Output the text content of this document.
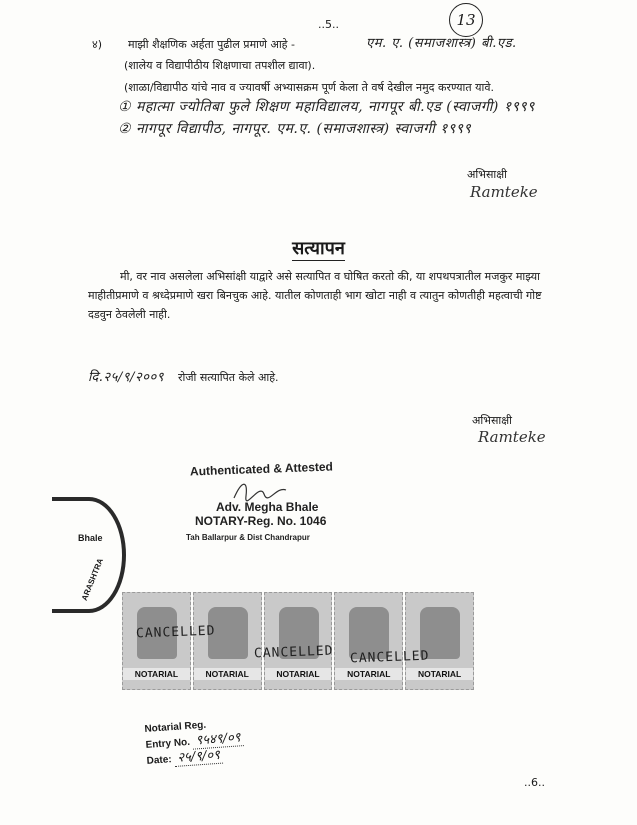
..5..	13
४) माझी शैक्षणिक अर्हता पुढील प्रमाणे आहे -	एम. ए. (समाजशास्त्र) बी.एड.
(शालेय व विद्यापीठीय शिक्षणाचा तपशील द्यावा).
(शाळा/विद्यापीठ यांचे नाव व ज्यावर्षी अभ्यासक्रम पूर्ण केला ते वर्ष देखील नमुद करण्यात यावे.
① महात्मा ज्योतिबा फुले शिक्षण महाविद्यालय, नागपूर बी.एड (स्वाजगी) १९९९
② नागपूर विद्यापीठ, नागपूर. एम.ए. (समाजशास्त्र) स्वाजगी १९९९
अभिसाक्षी
Ramteke
सत्यापन
मी, वर नाव असलेला अभिसांक्षी याद्वारे असे सत्यापित व घोषित करतो की, या शपथपत्रातील मजकुर माझ्या माहीतीप्रमाणे व श्रध्देप्रमाणे खरा बिनचुक आहे. यातील कोणताही भाग खोटा नाही व त्यातुन कोणतीही महत्वाची गोष्ट दडवुन ठेवलेली नाही.
दि.२५/९/२००९ रोजी सत्यापित केले आहे.
अभिसाक्षी
Ramteke
Authenticated & Attested
Adv. Megha Bhale
NOTARY-Reg. No. 1046
Tah Ballarpur & Dist Chandrapur
Bhale
ARASHTRA
NOTARIAL	NOTARIAL	NOTARIAL	NOTARIAL	NOTARIAL
CANCELLED
CANCELLED CANCELLED
Notarial Reg.
Entry No. ९५४९/०९
Date: २५/९/०९
..6..
